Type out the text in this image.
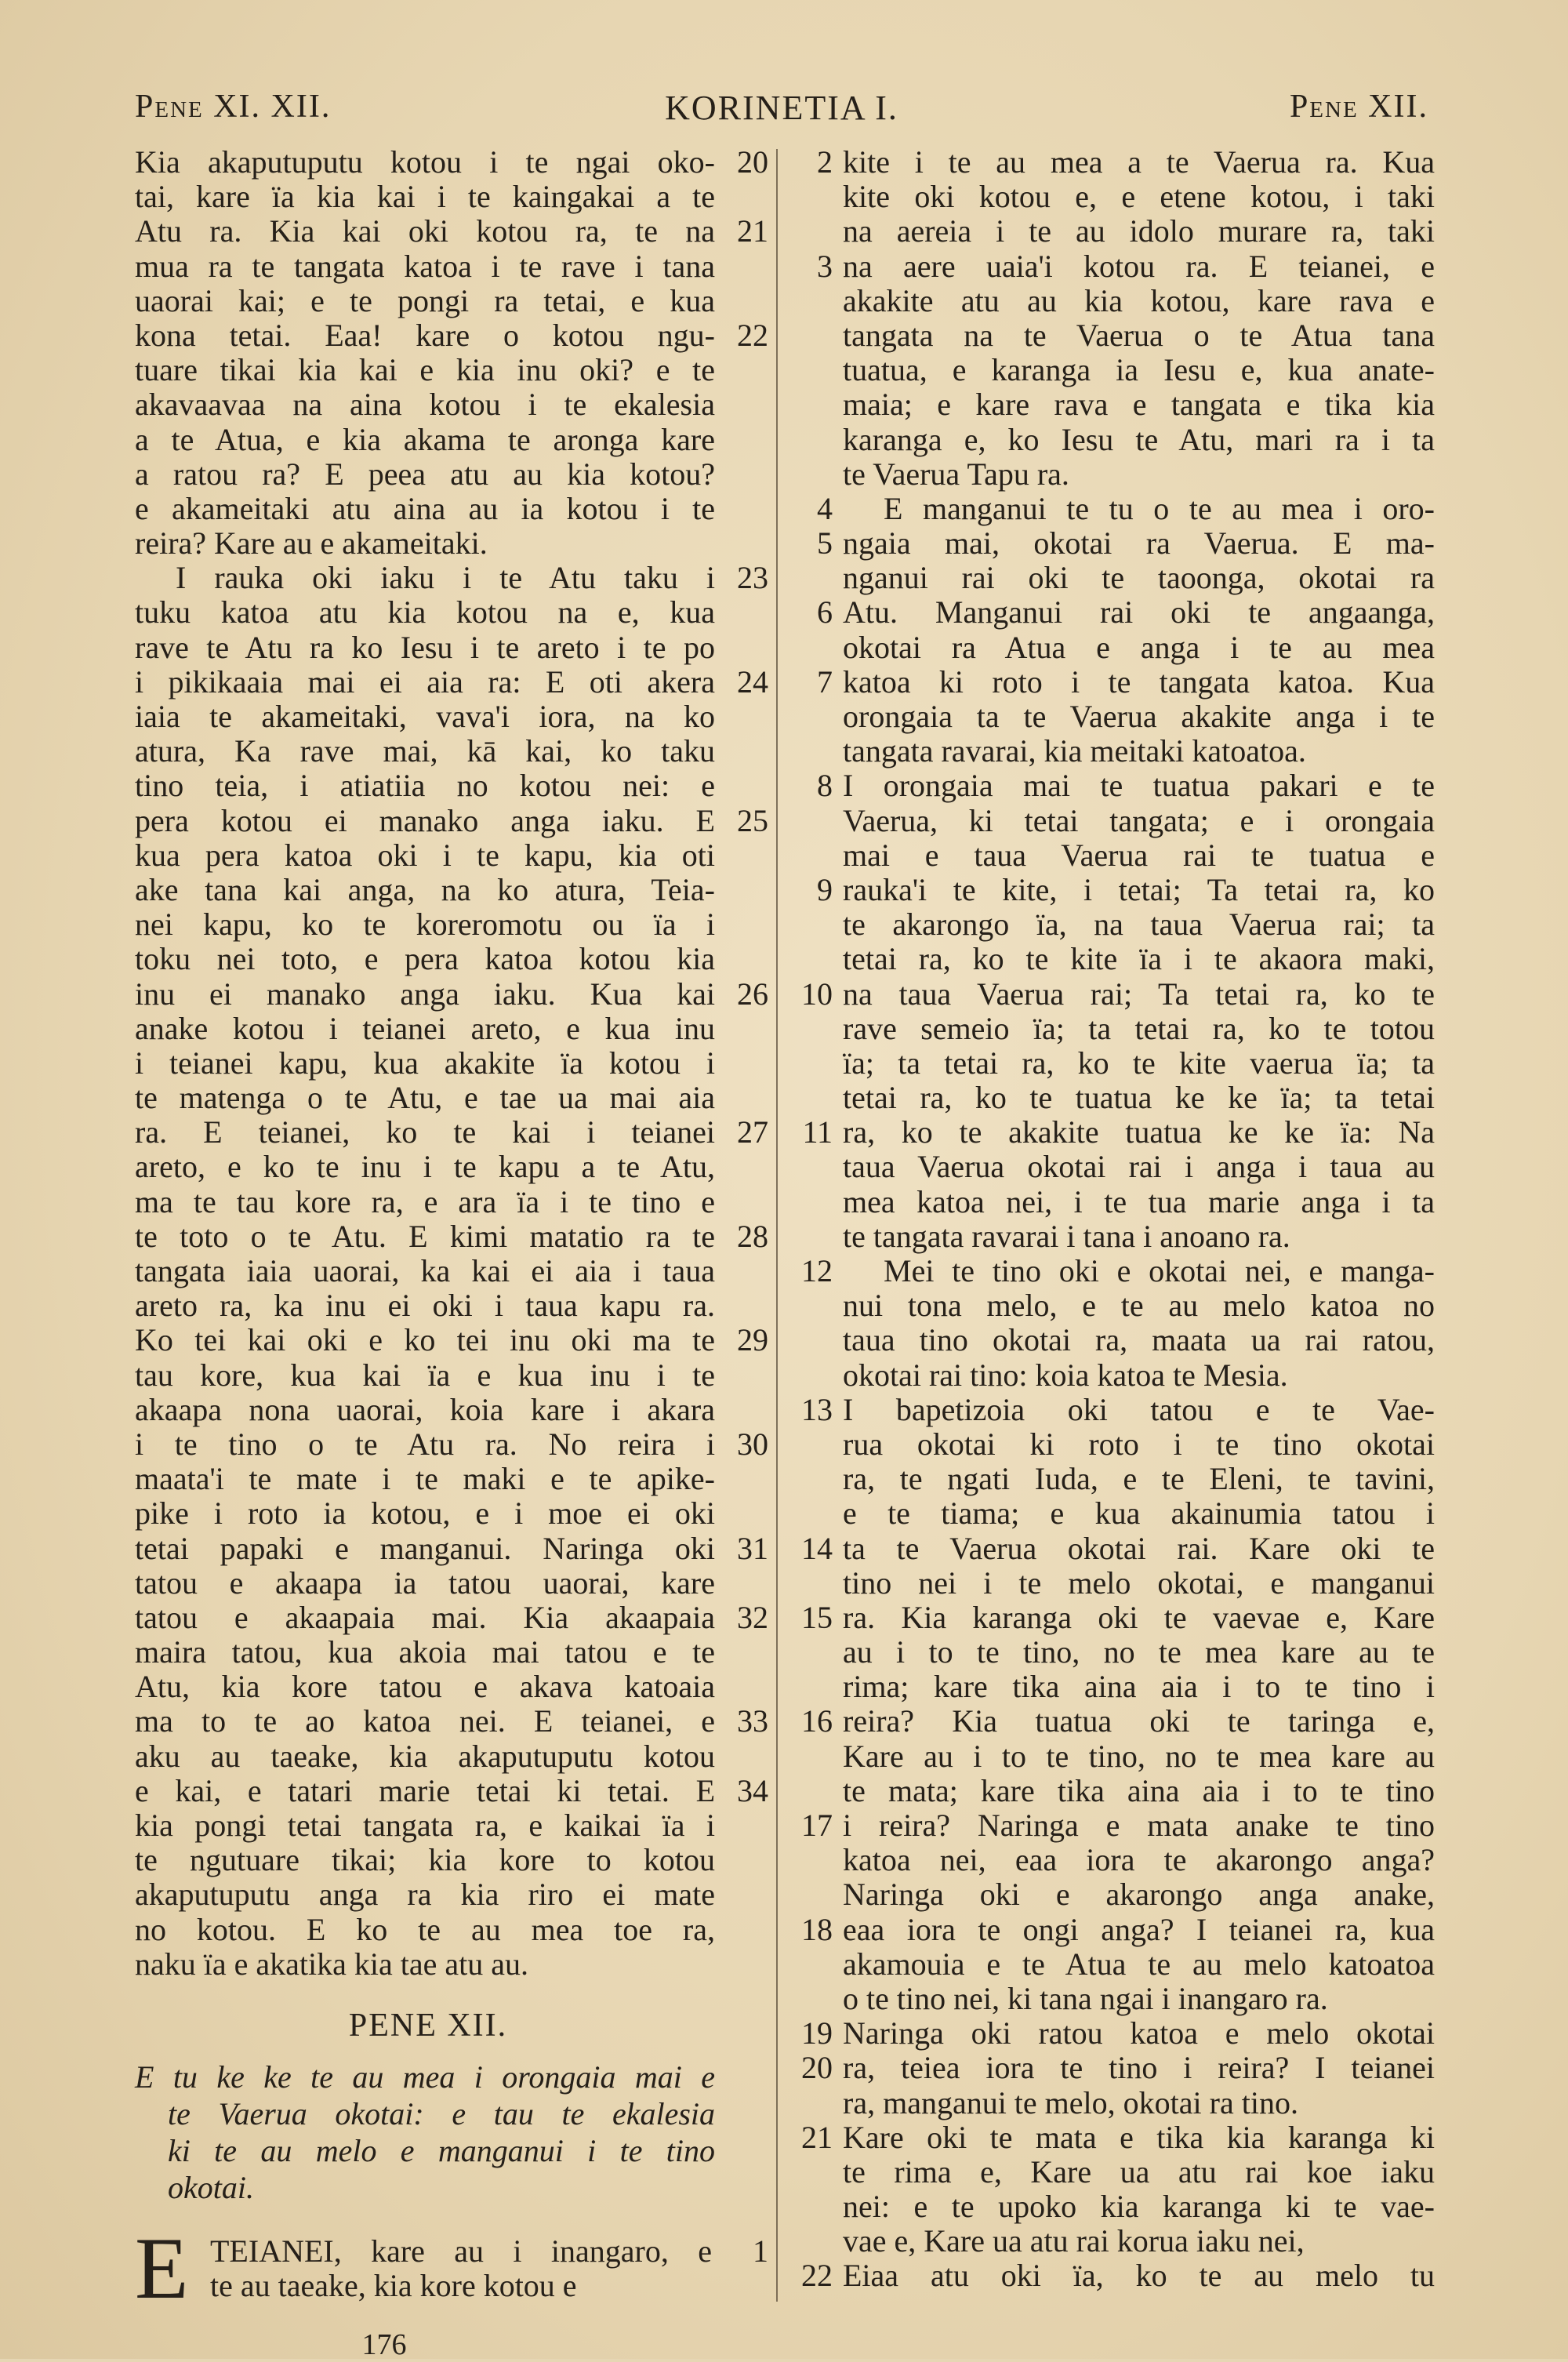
Pene XI. XII.	KORINETIA I.	Pene XII.
Kia akaputuputu kotou i te ngai oko- 20
tai, kare ïa kia kai i te kaingakai a te
Atu ra. Kia kai oki kotou ra, te na 21
mua ra te tangata katoa i te rave i tana
uaorai kai; e te pongi ra tetai, e kua
kona tetai. Eaa! kare o kotou ngu- 22
tuare tikai kia kai e kia inu oki? e te
akavaavaa na aina kotou i te ekalesia
a te Atua, e kia akama te aronga kare
a ratou ra? E peea atu au kia kotou?
e akameitaki atu aina au ia kotou i te
reira? Kare au e akameitaki.
I rauka oki iaku i te Atu taku i 23
tuku katoa atu kia kotou na e, kua
rave te Atu ra ko Iesu i te areto i te po
i pikikaaia mai ei aia ra: E oti akera 24
iaia te akameitaki, vava'i iora, na ko
atura, Ka rave mai, kā kai, ko taku
tino teia, i atiatiia no kotou nei: e
pera kotou ei manako anga iaku. E 25
kua pera katoa oki i te kapu, kia oti
ake tana kai anga, na ko atura, Teia-
nei kapu, ko te koreromotu ou ïa i
toku nei toto, e pera katoa kotou kia
inu ei manako anga iaku. Kua kai 26
anake kotou i teianei areto, e kua inu
i teianei kapu, kua akakite ïa kotou i
te matenga o te Atu, e tae ua mai aia
ra. E teianei, ko te kai i teianei 27
areto, e ko te inu i te kapu a te Atu,
ma te tau kore ra, e ara ïa i te tino e
te toto o te Atu. E kimi matatio ra te 28
tangata iaia uaorai, ka kai ei aia i taua
areto ra, ka inu ei oki i taua kapu ra.
Ko tei kai oki e ko tei inu oki ma te 29
tau kore, kua kai ïa e kua inu i te
akaapa nona uaorai, koia kare i akara
i te tino o te Atu ra. No reira i 30
maata'i te mate i te maki e te apike-
pike i roto ia kotou, e i moe ei oki
tetai papaki e manganui. Naringa oki 31
tatou e akaapa ia tatou uaorai, kare
tatou e akaapaia mai. Kia akaapaia 32
maira tatou, kua akoia mai tatou e te
Atu, kia kore tatou e akava katoaia
ma to te ao katoa nei. E teianei, e 33
aku au taeake, kia akaputuputu kotou
e kai, e tatari marie tetai ki tetai. E 34
kia pongi tetai tangata ra, e kaikai ïa i
te ngutuare tikai; kia kore to kotou
akaputuputu anga ra kia riro ei mate
no kotou. E ko te au mea toe ra,
naku ïa e akatika kia tae atu au.
PENE XII.
E tu ke ke te au mea i orongaia mai e
te Vaerua okotai: e tau te ekalesia
ki te au melo e manganui i te tino
okotai.
E TEIANEI, kare au i inangaro, e	1
te au taeake, kia kore kotou e
kite i te au mea a te Vaerua ra. Kua
2
kite oki kotou e, e etene kotou, i taki
na aereia i te au idolo murare ra, taki
na aere uaia'i kotou ra. E teianei, e
3
akakite atu au kia kotou, kare rava e
tangata na te Vaerua o te Atua tana
tuatua, e karanga ia Iesu e, kua anate-
maia; e kare rava e tangata e tika kia
karanga e, ko Iesu te Atu, mari ra i ta
te Vaerua Tapu ra.
E manganui te tu o te au mea i oro-
4
ngaia mai, okotai ra Vaerua. E ma-
5
nganui rai oki te taoonga, okotai ra
Atu. Manganui rai oki te angaanga,
6
okotai ra Atua e anga i te au mea
katoa ki roto i te tangata katoa. Kua
7
orongaia ta te Vaerua akakite anga i te
tangata ravarai, kia meitaki katoatoa.
I orongaia mai te tuatua pakari e te
8
Vaerua, ki tetai tangata; e i orongaia
mai e taua Vaerua rai te tuatua e
rauka'i te kite, i tetai; Ta tetai ra, ko
9
te akarongo ïa, na taua Vaerua rai; ta
tetai ra, ko te kite ïa i te akaora maki,
na taua Vaerua rai; Ta tetai ra, ko te
10
rave semeio ïa; ta tetai ra, ko te totou
ïa; ta tetai ra, ko te kite vaerua ïa; ta
tetai ra, ko te tuatua ke ke ïa; ta tetai
ra, ko te akakite tuatua ke ke ïa: Na
11
taua Vaerua okotai rai i anga i taua au
mea katoa nei, i te tua marie anga i ta
te tangata ravarai i tana i anoano ra.
Mei te tino oki e okotai nei, e manga-
12
nui tona melo, e te au melo katoa no
taua tino okotai ra, maata ua rai ratou,
okotai rai tino: koia katoa te Mesia.
I bapetizoia oki tatou e te Vae-
13
rua okotai ki roto i te tino okotai
ra, te ngati Iuda, e te Eleni, te tavini,
e te tiama; e kua akainumia tatou i
ta te Vaerua okotai rai. Kare oki te
14
tino nei i te melo okotai, e manganui
ra. Kia karanga oki te vaevae e, Kare
15
au i to te tino, no te mea kare au te
rima; kare tika aina aia i to te tino i
reira? Kia tuatua oki te taringa e,
16
Kare au i to te tino, no te mea kare au
te mata; kare tika aina aia i to te tino
i reira? Naringa e mata anake te tino
17
katoa nei, eaa iora te akarongo anga?
Naringa oki e akarongo anga anake,
eaa iora te ongi anga? I teianei ra, kua
18
akamouia e te Atua te au melo katoatoa
o te tino nei, ki tana ngai i inangaro ra.
Naringa oki ratou katoa e melo okotai
19
ra, teiea iora te tino i reira? I teianei
20
ra, manganui te melo, okotai ra tino.
Kare oki te mata e tika kia karanga ki
21
te rima e, Kare ua atu rai koe iaku
nei: e te upoko kia karanga ki te vae-
vae e, Kare ua atu rai korua iaku nei,
Eiaa atu oki ïa, ko te au melo tu
22
176
